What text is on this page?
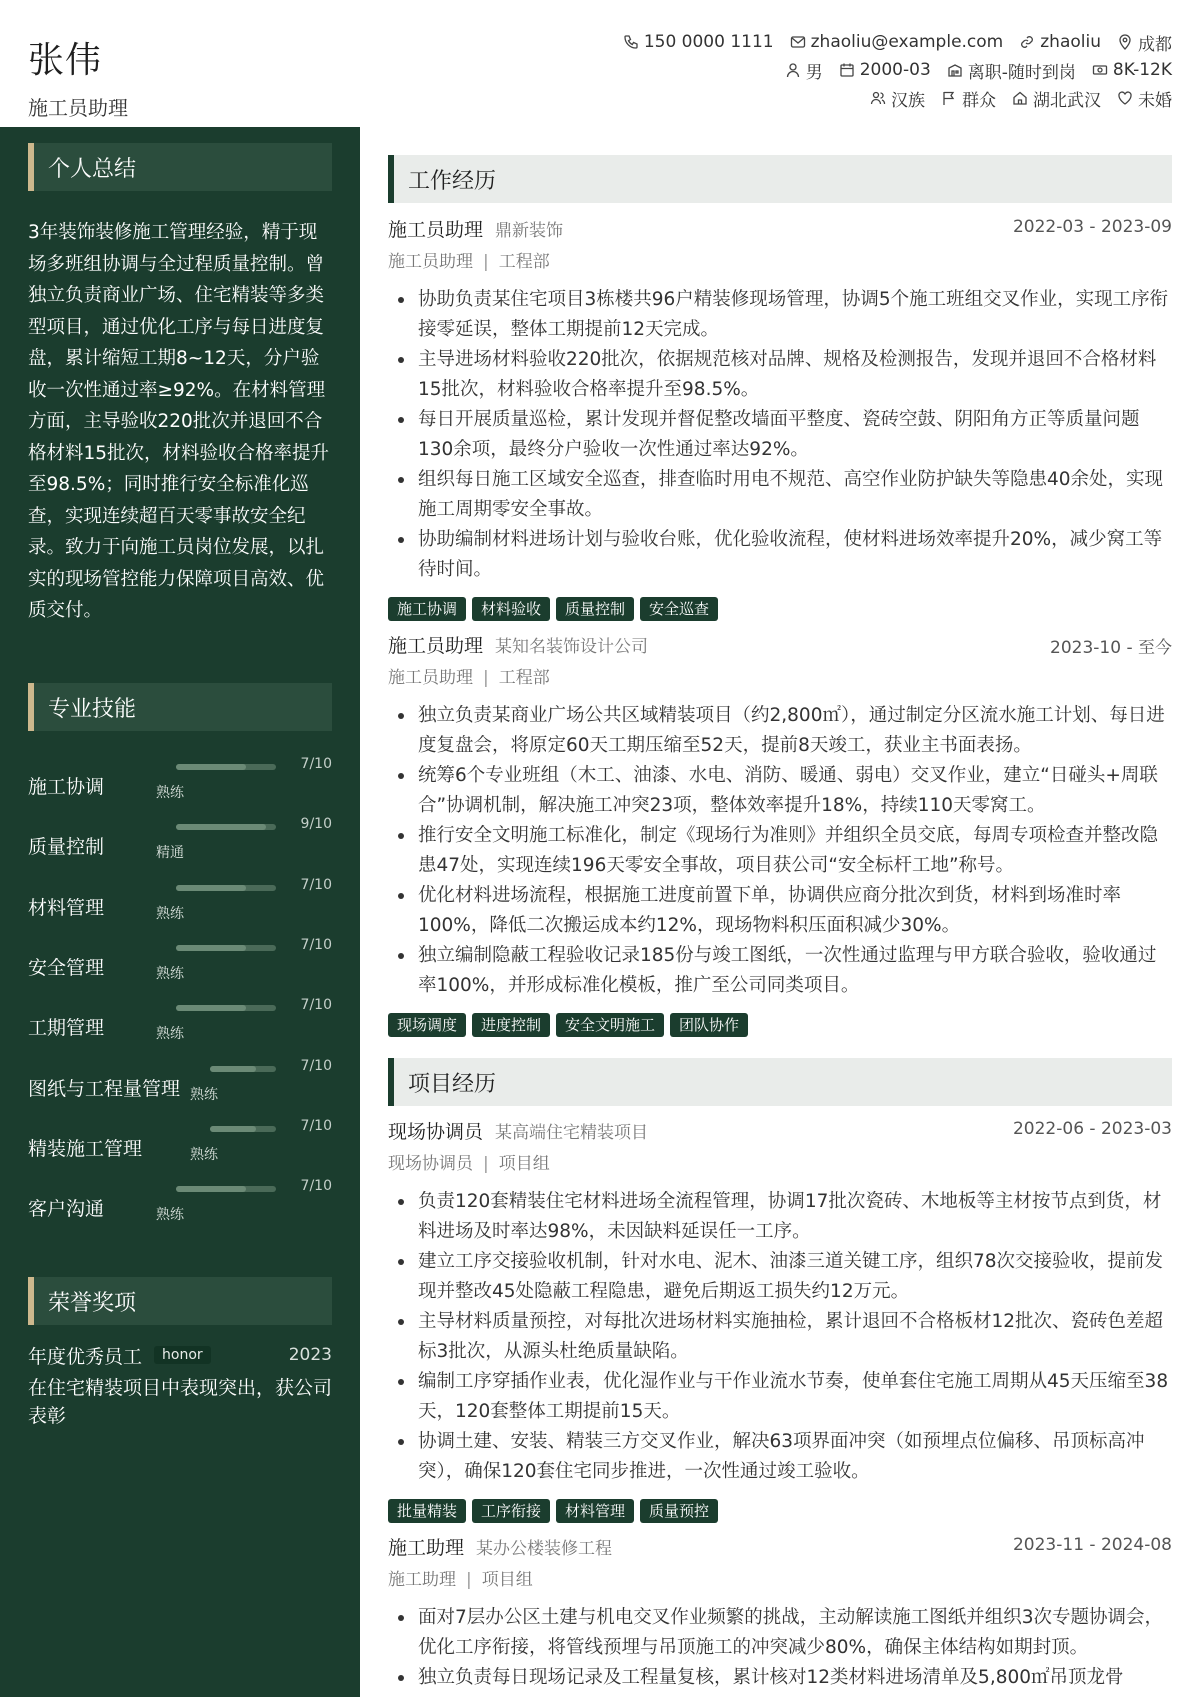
张伟
施工员助理
150 0000 1111 zhaoliu@example.com zhaoliu 成都
男 2000-03 离职-随时到岗 8K-12K
汉族 群众 湖北武汉 未婚
个人总结
3年装饰装修施工管理经验，精于现场多班组协调与全过程质量控制。曾独立负责商业广场、住宅精装等多类型项目，通过优化工序与每日进度复盘，累计缩短工期8~12天，分户验收一次性通过率≥92%。在材料管理方面，主导验收220批次并退回不合格材料15批次，材料验收合格率提升至98.5%；同时推行安全标准化巡查，实现连续超百天零事故安全纪录。致力于向施工员岗位发展，以扎实的现场管控能力保障项目高效、优质交付。
专业技能
施工协调
7/10
熟练
质量控制
9/10
精通
材料管理
7/10
熟练
安全管理
7/10
熟练
工期管理
7/10
熟练
图纸与工程量管理
7/10
熟练
精装施工管理
7/10
熟练
客户沟通
7/10
熟练
荣誉奖项
年度优秀员工	honor	2023
在住宅精装项目中表现突出，获公司表彰
工作经历
施工员助理 鼎新装饰	2022-03 - 2023-09
施工员助理 | 工程部
协助负责某住宅项目3栋楼共96户精装修现场管理，协调5个施工班组交叉作业，实现工序衔接零延误，整体工期提前12天完成。
主导进场材料验收220批次，依据规范核对品牌、规格及检测报告，发现并退回不合格材料15批次，材料验收合格率提升至98.5%。
每日开展质量巡检，累计发现并督促整改墙面平整度、瓷砖空鼓、阴阳角方正等质量问题130余项，最终分户验收一次性通过率达92%。
组织每日施工区域安全巡查，排查临时用电不规范、高空作业防护缺失等隐患40余处，实现施工周期零安全事故。
协助编制材料进场计划与验收台账，优化验收流程，使材料进场效率提升20%，减少窝工等待时间。
施工协调	材料验收	质量控制	安全巡查
施工员助理 某知名装饰设计公司	2023-10 - 至今
施工员助理 | 工程部
独立负责某商业广场公共区域精装项目（约2,800㎡），通过制定分区流水施工计划、每日进度复盘会，将原定60天工期压缩至52天，提前8天竣工，获业主书面表扬。
统筹6个专业班组（木工、油漆、水电、消防、暖通、弱电）交叉作业，建立“日碰头+周联合”协调机制，解决施工冲突23项，整体效率提升18%，持续110天零窝工。
推行安全文明施工标准化，制定《现场行为准则》并组织全员交底，每周专项检查并整改隐患47处，实现连续196天零安全事故，项目获公司“安全标杆工地”称号。
优化材料进场流程，根据施工进度前置下单，协调供应商分批次到货，材料到场准时率100%，降低二次搬运成本约12%，现场物料积压面积减少30%。
独立编制隐蔽工程验收记录185份与竣工图纸，一次性通过监理与甲方联合验收，验收通过率100%，并形成标准化模板，推广至公司同类项目。
现场调度	进度控制	安全文明施工	团队协作
项目经历
现场协调员 某高端住宅精装项目	2022-06 - 2023-03
现场协调员 | 项目组
负责120套精装住宅材料进场全流程管理，协调17批次瓷砖、木地板等主材按节点到货，材料进场及时率达98%，未因缺料延误任一工序。
建立工序交接验收机制，针对水电、泥木、油漆三道关键工序，组织78次交接验收，提前发现并整改45处隐蔽工程隐患，避免后期返工损失约12万元。
主导材料质量预控，对每批次进场材料实施抽检，累计退回不合格板材12批次、瓷砖色差超标3批次，从源头杜绝质量缺陷。
编制工序穿插作业表，优化湿作业与干作业流水节奏，使单套住宅施工周期从45天压缩至38天，120套整体工期提前15天。
协调土建、安装、精装三方交叉作业，解决63项界面冲突（如预埋点位偏移、吊顶标高冲突），确保120套住宅同步推进，一次性通过竣工验收。
批量精装	工序衔接	材料管理	质量预控
施工助理 某办公楼装修工程	2023-11 - 2024-08
施工助理 | 项目组
面对7层办公区土建与机电交叉作业频繁的挑战，主动解读施工图纸并组织3次专题协调会，优化工序衔接，将管线预埋与吊顶施工的冲突减少80%，确保主体结构如期封顶。
独立负责每日现场记录及工程量复核，累计核对12类材料进场清单及5,800㎡吊顶龙骨
